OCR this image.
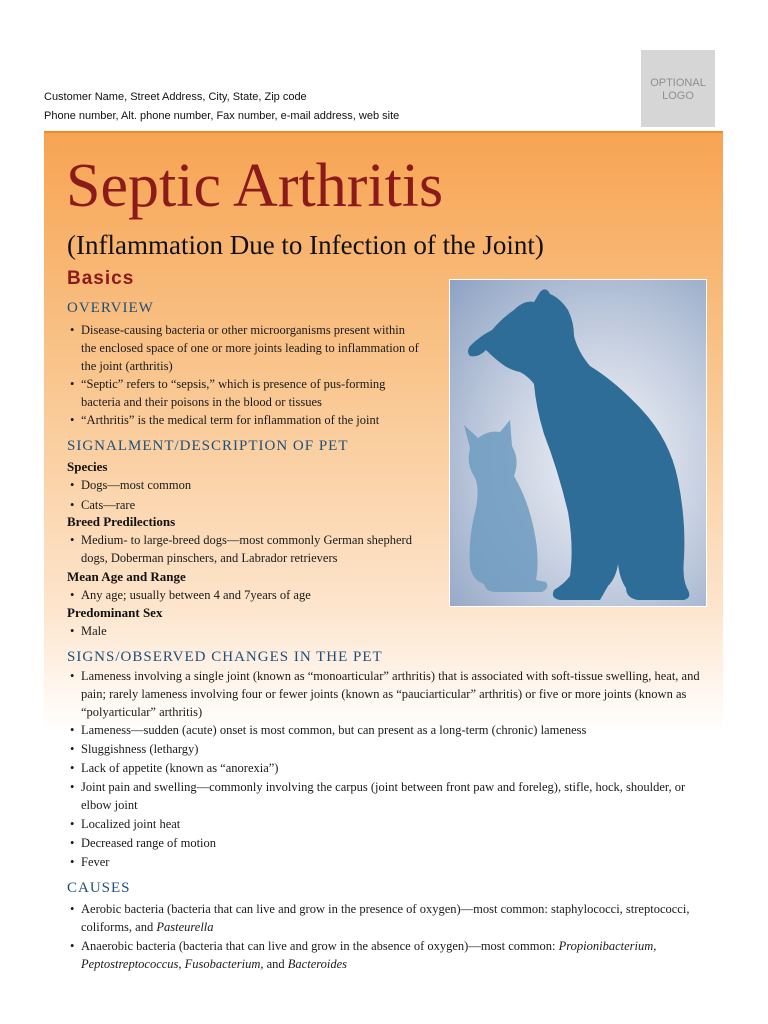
Customer Name, Street Address, City, State, Zip code
Phone number, Alt. phone number, Fax number, e-mail address, web site
OPTIONAL
LOGO
Septic Arthritis
(Inflammation Due to Infection of the Joint)
Basics
OVERVIEW
• Disease-causing bacteria or other microorganisms present within the enclosed space of one or more joints leading to inflammation of the joint (arthritis)
• “Septic” refers to “sepsis,” which is presence of pus-forming bacteria and their poisons in the blood or tissues
• “Arthritis” is the medical term for inflammation of the joint
SIGNALMENT/DESCRIPTION OF PET
Species
• Dogs—most common
• Cats—rare
Breed Predilections
• Medium- to large-breed dogs—most commonly German shepherd dogs, Doberman pinschers, and Labrador retrievers
Mean Age and Range
• Any age; usually between 4 and 7years of age
Predominant Sex
• Male
SIGNS/OBSERVED CHANGES IN THE PET
• Lameness involving a single joint (known as “monoarticular” arthritis) that is associated with soft-tissue swelling, heat, and pain; rarely lameness involving four or fewer joints (known as “pauciarticular” arthritis) or five or more joints (known as “polyarticular” arthritis)
• Lameness—sudden (acute) onset is most common, but can present as a long-term (chronic) lameness
• Sluggishness (lethargy)
• Lack of appetite (known as “anorexia”)
• Joint pain and swelling—commonly involving the carpus (joint between front paw and foreleg), stifle, hock, shoulder, or elbow joint
• Localized joint heat
• Decreased range of motion
• Fever
CAUSES
• Aerobic bacteria (bacteria that can live and grow in the presence of oxygen)—most common: staphylococci, streptococci, coliforms, and Pasteurella
• Anaerobic bacteria (bacteria that can live and grow in the absence of oxygen)—most common: Propionibacterium, Peptostreptococcus, Fusobacterium, and Bacteroides
